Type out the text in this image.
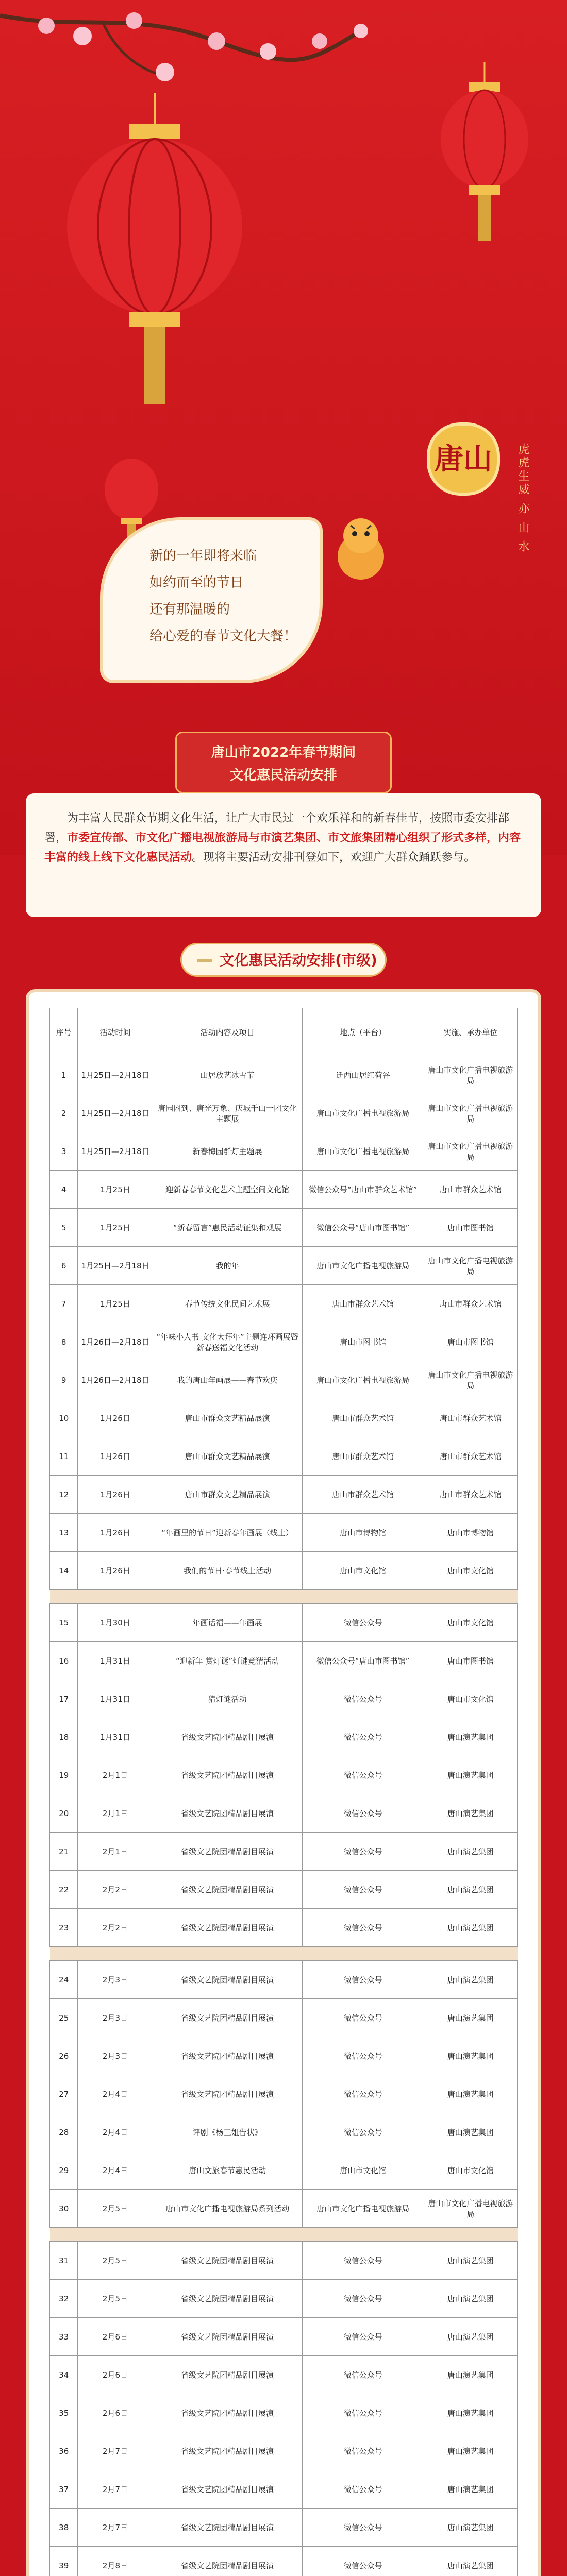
唐山	虎虎生威 亦 山 水

新的一年即将来临

如约而至的节日

还有那温暖的

给心爱的春节文化大餐！

唐山市2022年春节期间
文化惠民活动安排
为丰富人民群众节期文化生活，让广大市民过一个欢乐祥和的新春佳节，按照市委安排部署，市委宣传部、市文化广播电视旅游局与市演艺集团、市文旅集团精心组织了形式多样，内容丰富的线上线下文化惠民活动。现将主要活动安排刊登如下，欢迎广大群众踊跃参与。
文化惠民活动安排(市级)
序号	活动时间	活动内容及项目	地点（平台）	实施、承办单位
1	1月25日—2月18日	山居放艺冰雪节	迁西山居红荷谷	唐山市文化广播电视旅游局
2	1月25日—2月18日	唐园困到、唐光万象、庆城千山一团文化主题展	唐山市文化广播电视旅游局	唐山市文化广播电视旅游局
3	1月25日—2月18日	新春梅园群灯主题展	唐山市文化广播电视旅游局	唐山市文化广播电视旅游局
4	1月25日	迎新春春节文化艺术主题空间文化馆	微信公众号“唐山市群众艺术馆”	唐山市群众艺术馆
5	1月25日	“新春留言”惠民活动征集和观展	微信公众号“唐山市图书馆”	唐山市图书馆
6	1月25日—2月18日	我的年	唐山市文化广播电视旅游局	唐山市文化广播电视旅游局
7	1月25日	春节传统文化民间艺术展	唐山市群众艺术馆	唐山市群众艺术馆
8	1月26日—2月18日	“年味小人书 文化大拜年”主题连环画展暨新春送福文化活动	唐山市图书馆	唐山市图书馆
9	1月26日—2月18日	我的唐山年画展——春节欢庆	唐山市文化广播电视旅游局	唐山市文化广播电视旅游局
10	1月26日	唐山市群众文艺精品展演	唐山市群众艺术馆	唐山市群众艺术馆
11	1月26日	唐山市群众文艺精品展演	唐山市群众艺术馆	唐山市群众艺术馆
12	1月26日	唐山市群众文艺精品展演	唐山市群众艺术馆	唐山市群众艺术馆
13	1月26日	“年画里的节日”迎新春年画展（线上）	唐山市博物馆	唐山市博物馆
14	1月26日	我们的节日·春节线上活动	唐山市文化馆	唐山市文化馆

15	1月30日	年画话福——年画展	微信公众号	唐山市文化馆
16	1月31日	“迎新年 赏灯谜”灯谜竞猜活动	微信公众号“唐山市图书馆”	唐山市图书馆
17	1月31日	猜灯谜活动	微信公众号	唐山市文化馆
18	1月31日	省级文艺院团精品剧目展演	微信公众号	唐山演艺集团
19	2月1日	省级文艺院团精品剧目展演	微信公众号	唐山演艺集团
20	2月1日	省级文艺院团精品剧目展演	微信公众号	唐山演艺集团
21	2月1日	省级文艺院团精品剧目展演	微信公众号	唐山演艺集团
22	2月2日	省级文艺院团精品剧目展演	微信公众号	唐山演艺集团
23	2月2日	省级文艺院团精品剧目展演	微信公众号	唐山演艺集团

24	2月3日	省级文艺院团精品剧目展演	微信公众号	唐山演艺集团
25	2月3日	省级文艺院团精品剧目展演	微信公众号	唐山演艺集团
26	2月3日	省级文艺院团精品剧目展演	微信公众号	唐山演艺集团
27	2月4日	省级文艺院团精品剧目展演	微信公众号	唐山演艺集团
28	2月4日	评剧《杨三姐告状》	微信公众号	唐山演艺集团
29	2月4日	唐山文旅春节惠民活动	唐山市文化馆	唐山市文化馆
30	2月5日	唐山市文化广播电视旅游局系列活动	唐山市文化广播电视旅游局	唐山市文化广播电视旅游局

31	2月5日	省级文艺院团精品剧目展演	微信公众号	唐山演艺集团
32	2月5日	省级文艺院团精品剧目展演	微信公众号	唐山演艺集团
33	2月6日	省级文艺院团精品剧目展演	微信公众号	唐山演艺集团
34	2月6日	省级文艺院团精品剧目展演	微信公众号	唐山演艺集团
35	2月6日	省级文艺院团精品剧目展演	微信公众号	唐山演艺集团
36	2月7日	省级文艺院团精品剧目展演	微信公众号	唐山演艺集团
37	2月7日	省级文艺院团精品剧目展演	微信公众号	唐山演艺集团
38	2月7日	省级文艺院团精品剧目展演	微信公众号	唐山演艺集团
39	2月8日	省级文艺院团精品剧目展演	微信公众号	唐山演艺集团
